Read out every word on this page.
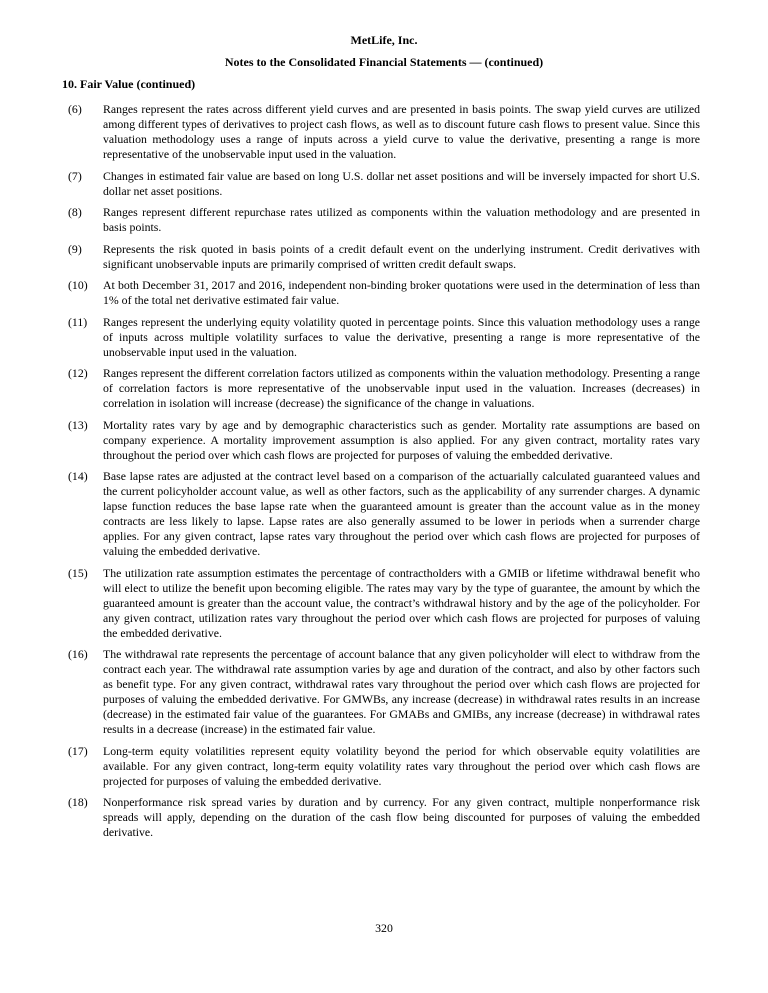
MetLife, Inc.
Notes to the Consolidated Financial Statements — (continued)
10. Fair Value (continued)
(6)	Ranges represent the rates across different yield curves and are presented in basis points. The swap yield curves are utilized among different types of derivatives to project cash flows, as well as to discount future cash flows to present value. Since this valuation methodology uses a range of inputs across a yield curve to value the derivative, presenting a range is more representative of the unobservable input used in the valuation.
(7)	Changes in estimated fair value are based on long U.S. dollar net asset positions and will be inversely impacted for short U.S. dollar net asset positions.
(8)	Ranges represent different repurchase rates utilized as components within the valuation methodology and are presented in basis points.
(9)	Represents the risk quoted in basis points of a credit default event on the underlying instrument. Credit derivatives with significant unobservable inputs are primarily comprised of written credit default swaps.
(10)	At both December 31, 2017 and 2016, independent non-binding broker quotations were used in the determination of less than 1% of the total net derivative estimated fair value.
(11)	Ranges represent the underlying equity volatility quoted in percentage points. Since this valuation methodology uses a range of inputs across multiple volatility surfaces to value the derivative, presenting a range is more representative of the unobservable input used in the valuation.
(12)	Ranges represent the different correlation factors utilized as components within the valuation methodology. Presenting a range of correlation factors is more representative of the unobservable input used in the valuation. Increases (decreases) in correlation in isolation will increase (decrease) the significance of the change in valuations.
(13)	Mortality rates vary by age and by demographic characteristics such as gender. Mortality rate assumptions are based on company experience. A mortality improvement assumption is also applied. For any given contract, mortality rates vary throughout the period over which cash flows are projected for purposes of valuing the embedded derivative.
(14)	Base lapse rates are adjusted at the contract level based on a comparison of the actuarially calculated guaranteed values and the current policyholder account value, as well as other factors, such as the applicability of any surrender charges. A dynamic lapse function reduces the base lapse rate when the guaranteed amount is greater than the account value as in the money contracts are less likely to lapse. Lapse rates are also generally assumed to be lower in periods when a surrender charge applies. For any given contract, lapse rates vary throughout the period over which cash flows are projected for purposes of valuing the embedded derivative.
(15)	The utilization rate assumption estimates the percentage of contractholders with a GMIB or lifetime withdrawal benefit who will elect to utilize the benefit upon becoming eligible. The rates may vary by the type of guarantee, the amount by which the guaranteed amount is greater than the account value, the contract’s withdrawal history and by the age of the policyholder. For any given contract, utilization rates vary throughout the period over which cash flows are projected for purposes of valuing the embedded derivative.
(16)	The withdrawal rate represents the percentage of account balance that any given policyholder will elect to withdraw from the contract each year. The withdrawal rate assumption varies by age and duration of the contract, and also by other factors such as benefit type. For any given contract, withdrawal rates vary throughout the period over which cash flows are projected for purposes of valuing the embedded derivative. For GMWBs, any increase (decrease) in withdrawal rates results in an increase (decrease) in the estimated fair value of the guarantees. For GMABs and GMIBs, any increase (decrease) in withdrawal rates results in a decrease (increase) in the estimated fair value.
(17)	Long-term equity volatilities represent equity volatility beyond the period for which observable equity volatilities are available. For any given contract, long-term equity volatility rates vary throughout the period over which cash flows are projected for purposes of valuing the embedded derivative.
(18)	Nonperformance risk spread varies by duration and by currency. For any given contract, multiple nonperformance risk spreads will apply, depending on the duration of the cash flow being discounted for purposes of valuing the embedded derivative.
320
